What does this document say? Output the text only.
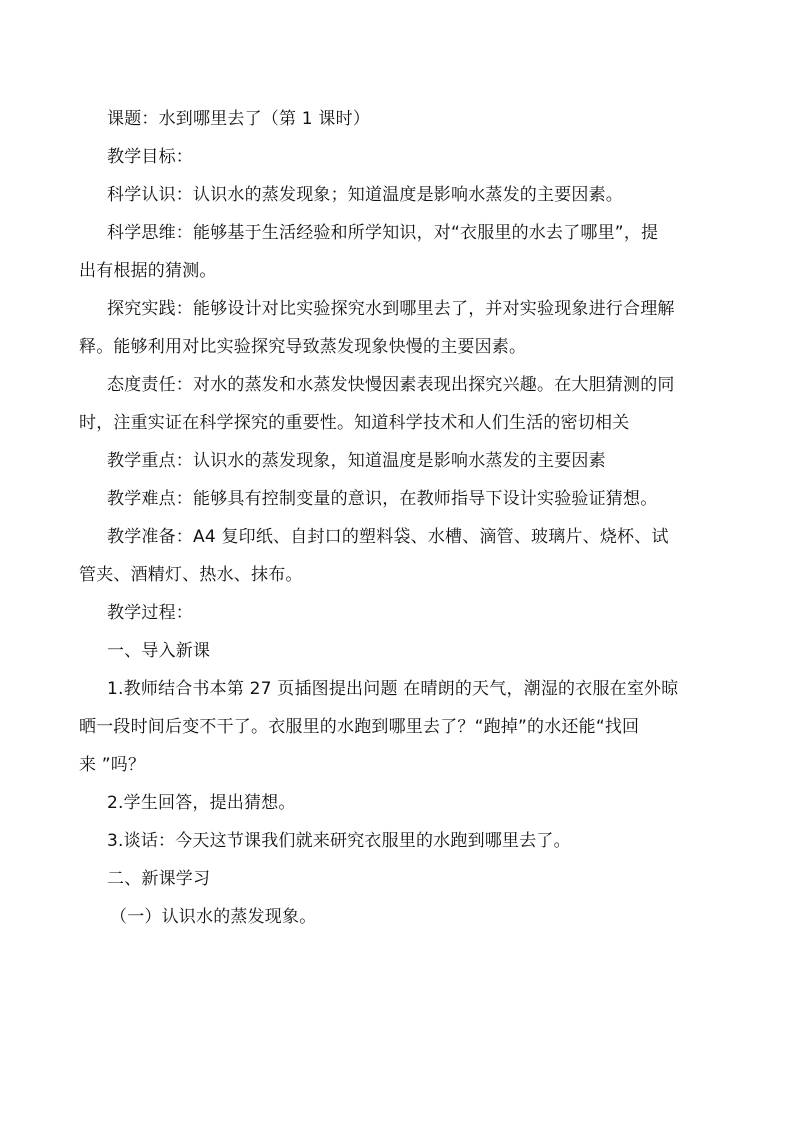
课题：水到哪里去了（第 1 课时）

教学目标：

科学认识：认识水的蒸发现象；知道温度是影响水蒸发的主要因素。

科学思维：能够基于生活经验和所学知识，对“衣服里的水去了哪里”，提

出有根据的猜测。

探究实践：能够设计对比实验探究水到哪里去了，并对实验现象进行合理解

释。能够利用对比实验探究导致蒸发现象快慢的主要因素。

态度责任：对水的蒸发和水蒸发快慢因素表现出探究兴趣。在大胆猜测的同

时，注重实证在科学探究的重要性。知道科学技术和人们生活的密切相关

教学重点：认识水的蒸发现象，知道温度是影响水蒸发的主要因素

教学难点：能够具有控制变量的意识，在教师指导下设计实验验证猜想。

教学准备：A4 复印纸、自封口的塑料袋、水槽、滴管、玻璃片、烧杯、试

管夹、酒精灯、热水、抹布。

教学过程：

一、导入新课

1.教师结合书本第 27 页插图提出问题 在晴朗的天气，潮湿的衣服在室外晾

晒一段时间后变不干了。衣服里的水跑到哪里去了？“跑掉”的水还能“找回

来 ”吗？

2.学生回答，提出猜想。

3.谈话：今天这节课我们就来研究衣服里的水跑到哪里去了。

二、新课学习

（一）认识水的蒸发现象。
